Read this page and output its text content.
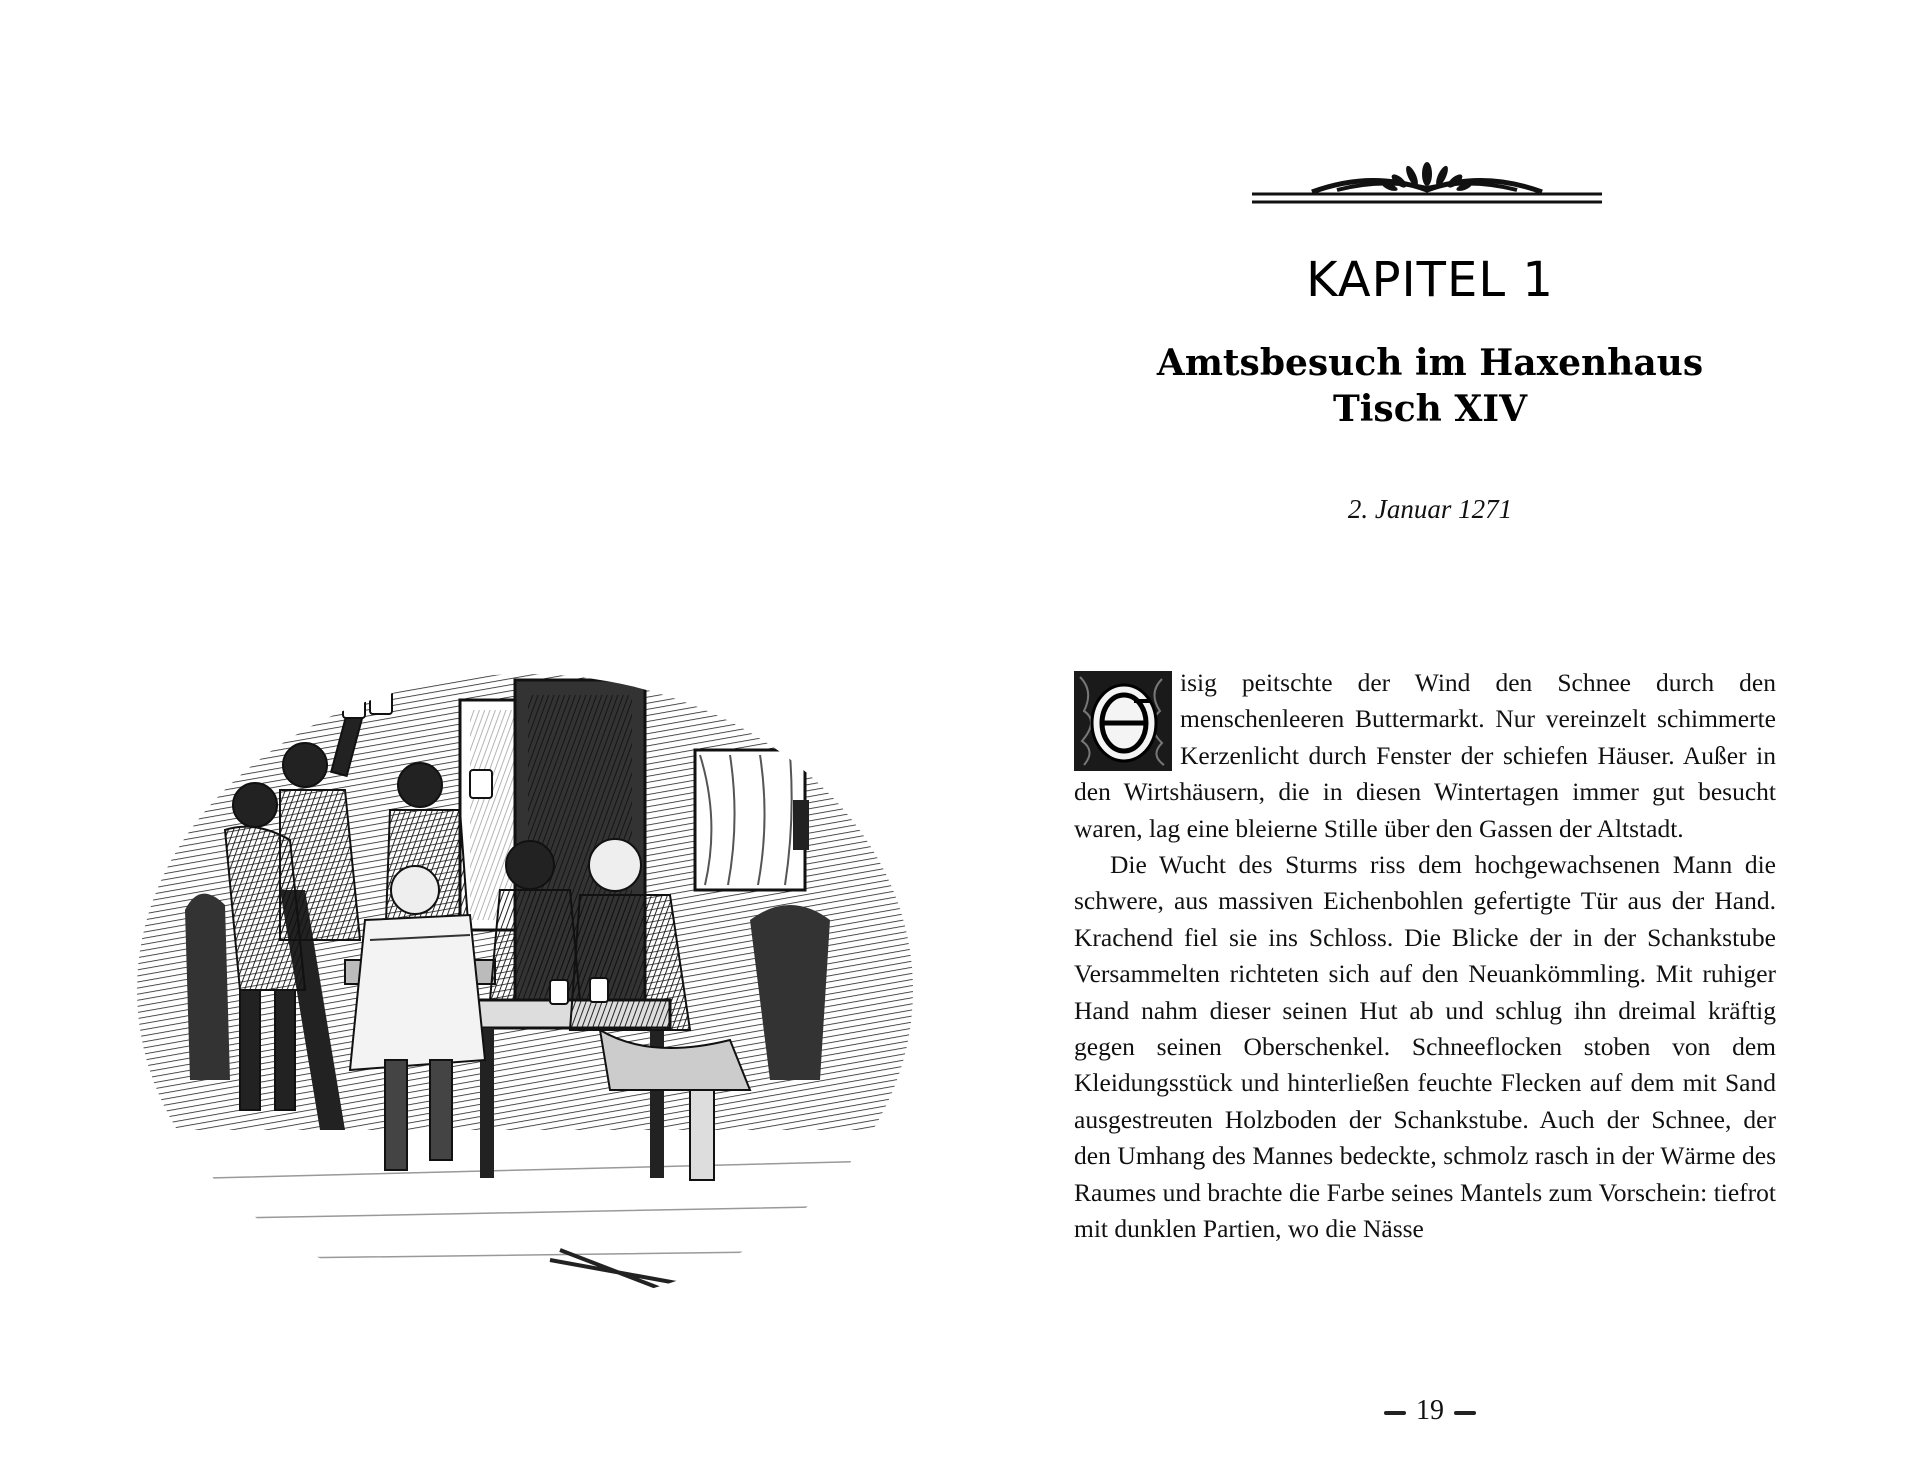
KAPITEL 1
Amtsbesuch im Haxenhaus
Tisch XIV
2. Januar 1271

isig peitschte der Wind den Schnee durch den menschenleeren Buttermarkt. Nur vereinzelt schimmerte Kerzenlicht durch Fenster der schiefen Häuser. Außer in den Wirtshäusern, die in diesen Wintertagen immer gut besucht waren, lag eine bleierne Stille über den Gassen der Altstadt.

Die Wucht des Sturms riss dem hochgewachsenen Mann die schwere, aus massiven Eichenbohlen gefertigte Tür aus der Hand. Krachend fiel sie ins Schloss. Die Blicke der in der Schankstube Versammelten richteten sich auf den Neuankömmling. Mit ruhiger Hand nahm dieser seinen Hut ab und schlug ihn dreimal kräftig gegen seinen Oberschenkel. Schneeflocken stoben von dem Kleidungsstück und hinterließen feuchte Flecken auf dem mit Sand ausgestreuten Holzboden der Schankstube. Auch der Schnee, der den Umhang des Mannes bedeckte, schmolz rasch in der Wärme des Raumes und brachte die Farbe seines Mantels zum Vorschein: tiefrot mit dunklen Partien, wo die Nässe

19
